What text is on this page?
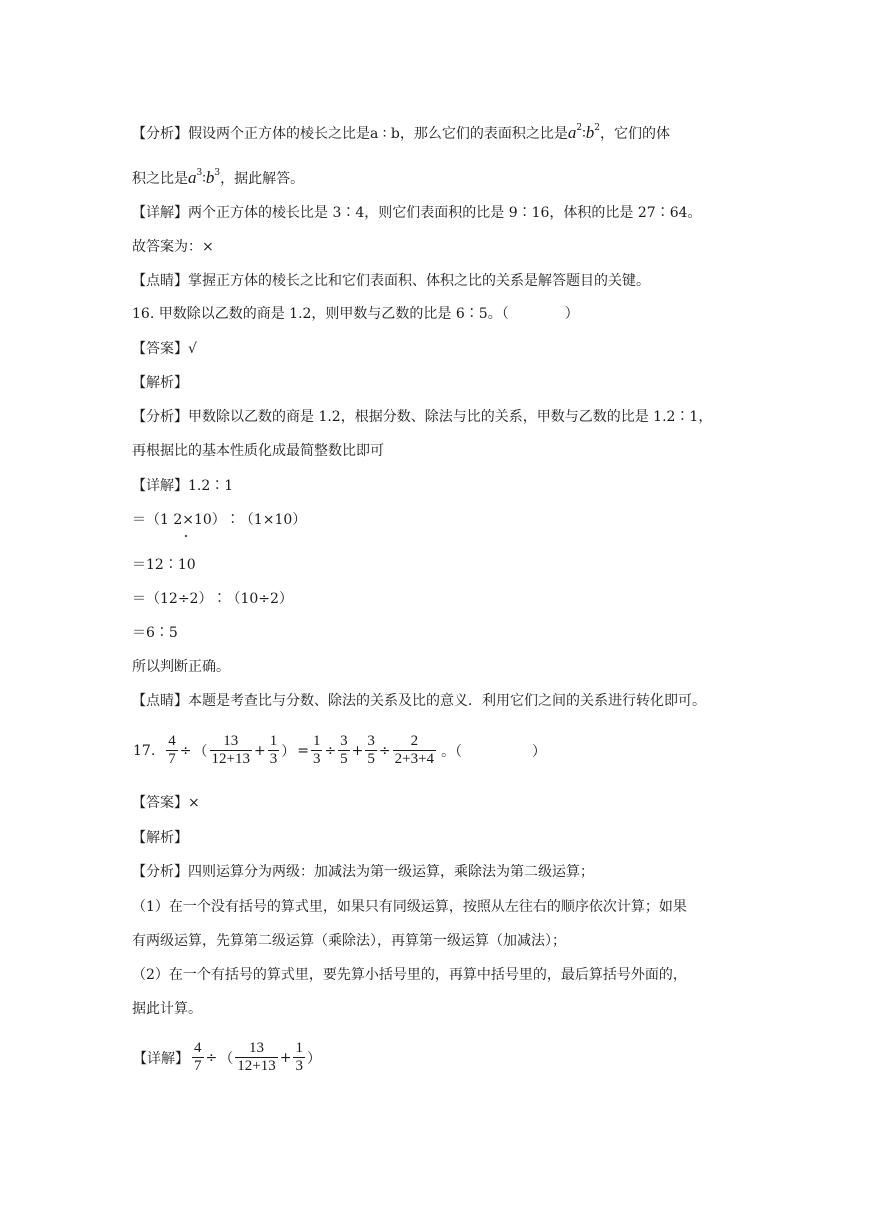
【分析】假设两个正方体的棱长之比是a ∶ b，那么它们的表面积之比是$a^2∶b^2$，它们的体
积之比是$a^3∶b^3$，据此解答。
【详解】两个正方体的棱长比是 3∶4，则它们表面积的比是 9∶16，体积的比是 27∶64。
故答案为：×
【点睛】掌握正方体的棱长之比和它们表面积、体积之比的关系是解答题目的关键。
16. 甲数除以乙数的商是 1.2，则甲数与乙数的比是 6∶5。（　　　　）
【答案】√
【解析】
【分析】甲数除以乙数的商是 1.2，根据分数、除法与比的关系，甲数与乙数的比是 1.2∶1，
再根据比的基本性质化成最简整数比即可
【详解】1.2∶1
＝（1 2×10）∶（1×10）
＝12∶10
＝（12÷2）∶（10÷2）
＝6∶5
所以判断正确。
【点睛】本题是考查比与分数、除法的关系及比的意义．利用它们之间的关系进行转化即可。
17. $\frac{4}{7}$ ÷ （ $\frac{13}{12+13} + \frac{1}{3}$ ） = $\frac{1}{3} \div \frac{3}{5} + \frac{3}{5} \div \frac{2}{2+3+4}$ 。（　　　　　）
【答案】×
【解析】
【分析】四则运算分为两级：加减法为第一级运算，乘除法为第二级运算；
（1）在一个没有括号的算式里，如果只有同级运算，按照从左往右的顺序依次计算；如果
有两级运算，先算第二级运算（乘除法），再算第一级运算（加减法）；
（2）在一个有括号的算式里，要先算小括号里的，再算中括号里的，最后算括号外面的，
据此计算。
【详解】 $\frac{4}{7}$ ÷ （ $\frac{13}{12+13} + \frac{1}{3}$ ）
